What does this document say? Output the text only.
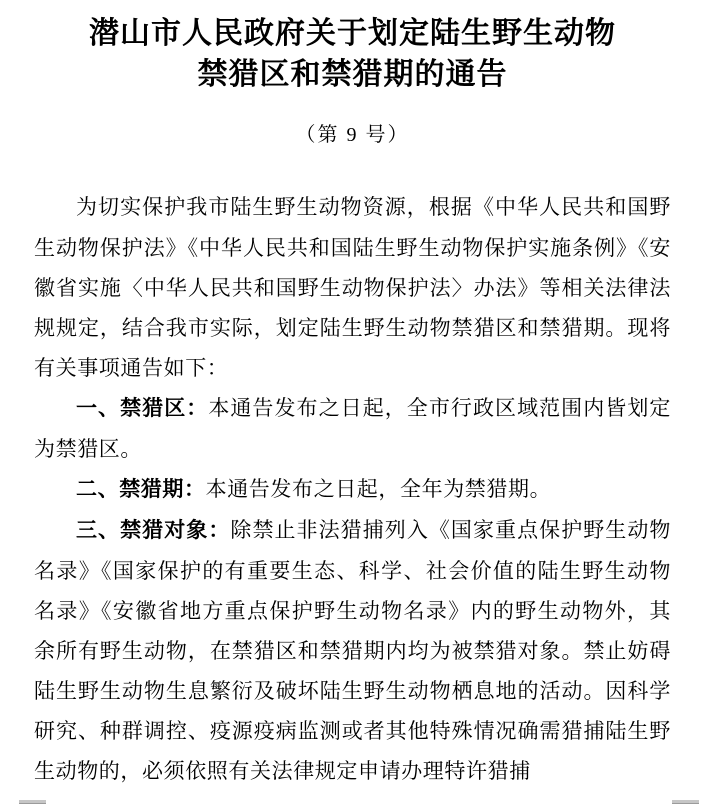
潜山市人民政府关于划定陆生野生动物
禁猎区和禁猎期的通告
（第 9 号）

为切实保护我市陆生野生动物资源，根据《中华人民共和国野生动物保护法》《中华人民共和国陆生野生动物保护实施条例》《安徽省实施〈中华人民共和国野生动物保护法〉办法》等相关法律法规规定，结合我市实际，划定陆生野生动物禁猎区和禁猎期。现将有关事项通告如下：

一、禁猎区：本通告发布之日起，全市行政区域范围内皆划定为禁猎区。

二、禁猎期：本通告发布之日起，全年为禁猎期。

三、禁猎对象：除禁止非法猎捕列入《国家重点保护野生动物名录》《国家保护的有重要生态、科学、社会价值的陆生野生动物名录》《安徽省地方重点保护野生动物名录》内的野生动物外，其余所有野生动物，在禁猎区和禁猎期内均为被禁猎对象。禁止妨碍陆生野生动物生息繁衍及破坏陆生野生动物栖息地的活动。因科学研究、种群调控、疫源疫病监测或者其他特殊情况确需猎捕陆生野生动物的，必须依照有关法律规定申请办理特许猎捕
